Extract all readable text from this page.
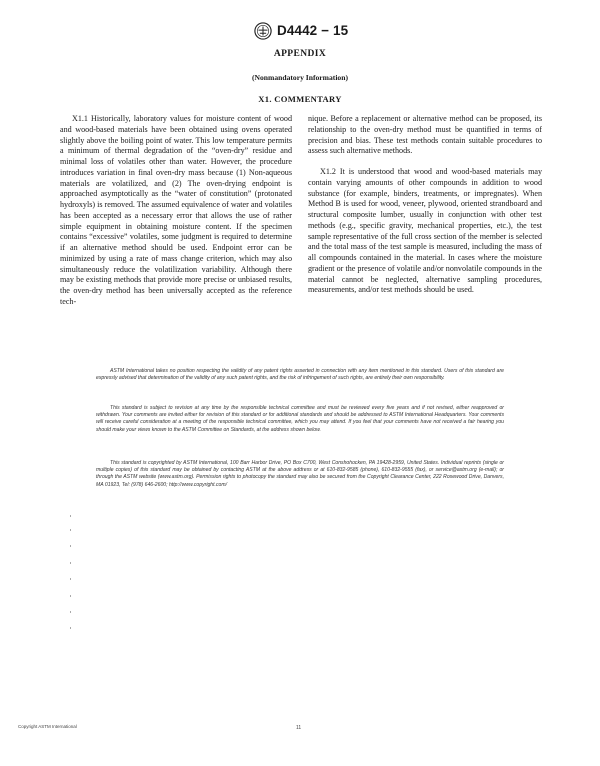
D4442 − 15
APPENDIX
(Nonmandatory Information)
X1. COMMENTARY

X1.1 Historically, laboratory values for moisture content of wood and wood-based materials have been obtained using ovens operated slightly above the boiling point of water. This low temperature permits a minimum of thermal degradation of the “oven-dry” residue and minimal loss of volatiles other than water. However, the procedure introduces variation in final oven-dry mass because (1) Non-aqueous materials are volatilized, and (2) The oven-drying endpoint is approached asymptotically as the “water of constitution” (protonated hydroxyls) is removed. The assumed equivalence of water and volatiles has been accepted as a necessary error that allows the use of rather simple equipment in obtaining moisture content. If the specimen contains “excessive” volatiles, some judgment is required to determine if an alternative method should be used. Endpoint error can be minimized by using a rate of mass change criterion, which may also simultaneously reduce the volatilization variability. Although there may be existing methods that provide more precise or unbiased results, the oven-dry method has been universally accepted as the reference tech-

nique. Before a replacement or alternative method can be proposed, its relationship to the oven-dry method must be quantified in terms of precision and bias. These test methods contain suitable procedures to assess such alternative methods.

X1.2 It is understood that wood and wood-based materials may contain varying amounts of other compounds in addition to wood substance (for example, binders, treatments, or impregnates). When Method B is used for wood, veneer, plywood, oriented strandboard and structural composite lumber, usually in conjunction with other test methods (e.g., specific gravity, mechanical properties, etc.), the test sample representative of the full cross section of the member is selected and the total mass of the test sample is measured, including the mass of all compounds contained in the material. In cases where the moisture gradient or the presence of volatile and/or nonvolatile compounds in the material cannot be neglected, alternative sampling procedures, measurements, and/or test methods should be used.

ASTM International takes no position respecting the validity of any patent rights asserted in connection with any item mentioned in this standard. Users of this standard are expressly advised that determination of the validity of any such patent rights, and the risk of infringement of such rights, are entirely their own responsibility.

This standard is subject to revision at any time by the responsible technical committee and must be reviewed every five years and if not revised, either reapproved or withdrawn. Your comments are invited either for revision of this standard or for additional standards and should be addressed to ASTM International Headquarters. Your comments will receive careful consideration at a meeting of the responsible technical committee, which you may attend. If you feel that your comments have not received a fair hearing you should make your views known to the ASTM Committee on Standards, at the address shown below.

This standard is copyrighted by ASTM International, 100 Barr Harbor Drive, PO Box C700, West Conshohocken, PA 19428-2959, United States. Individual reprints (single or multiple copies) of this standard may be obtained by contacting ASTM at the above address or at 610-832-9585 (phone), 610-832-9555 (fax), or service@astm.org (e-mail); or through the ASTM website (www.astm.org). Permission rights to photocopy the standard may also be secured from the Copyright Clearance Center, 222 Rosewood Drive, Danvers, MA 01923, Tel: (978) 646-2600; http://www.copyright.com/

Copyright ASTM International	11
